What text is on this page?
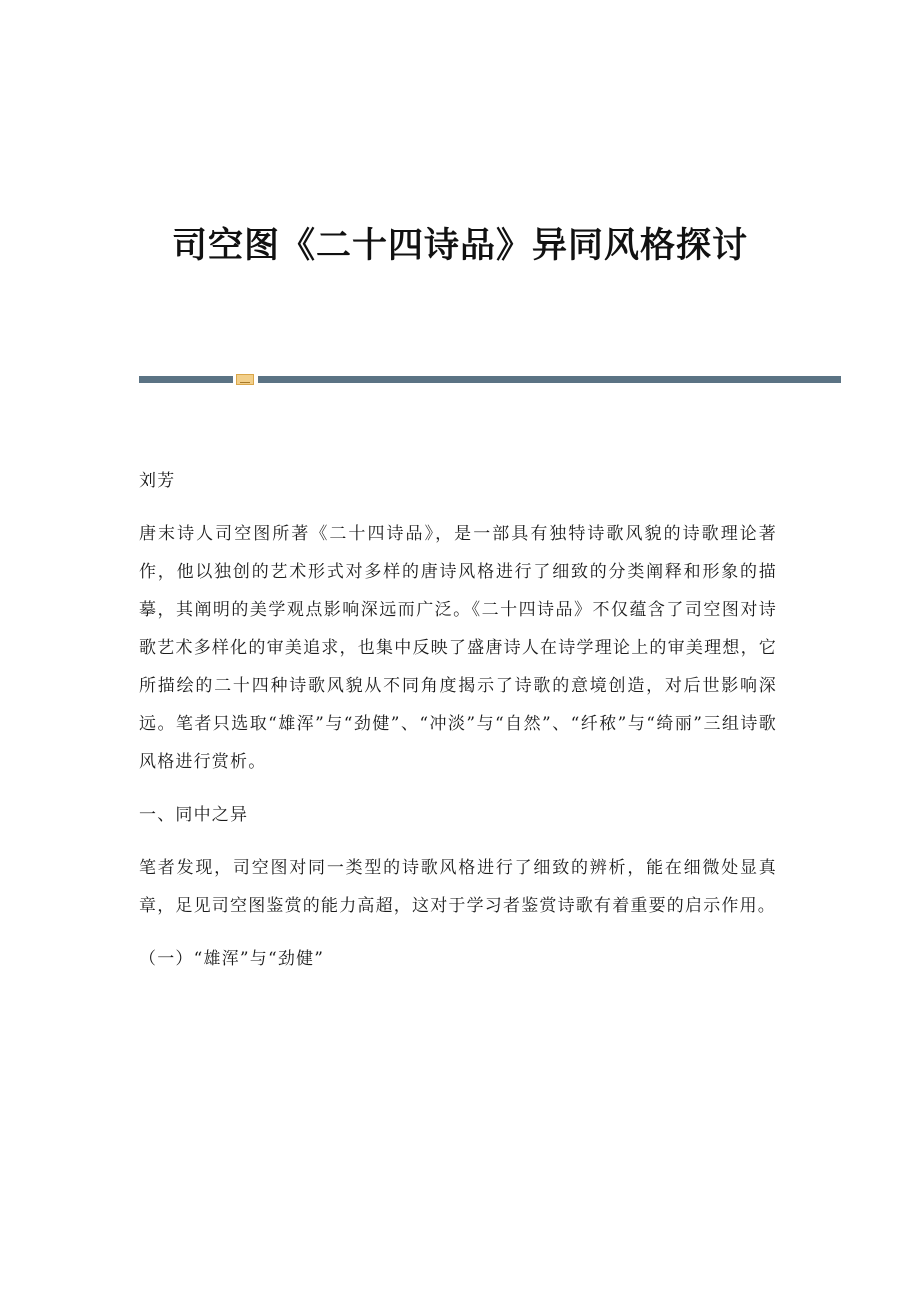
司空图《二十四诗品》异同风格探讨

刘芳

唐末诗人司空图所著《二十四诗品》，是一部具有独特诗歌风貌的诗歌理论著作，他以独创的艺术形式对多样的唐诗风格进行了细致的分类阐释和形象的描摹，其阐明的美学观点影响深远而广泛。《二十四诗品》不仅蕴含了司空图对诗歌艺术多样化的审美追求，也集中反映了盛唐诗人在诗学理论上的审美理想，它所描绘的二十四种诗歌风貌从不同角度揭示了诗歌的意境创造，对后世影响深远。笔者只选取“雄浑”与“劲健”、“冲淡”与“自然”、“纤秾”与“绮丽”三组诗歌风格进行赏析。

一、同中之异

笔者发现，司空图对同一类型的诗歌风格进行了细致的辨析，能在细微处显真章，足见司空图鉴赏的能力高超，这对于学习者鉴赏诗歌有着重要的启示作用。

（一）“雄浑”与“劲健”
